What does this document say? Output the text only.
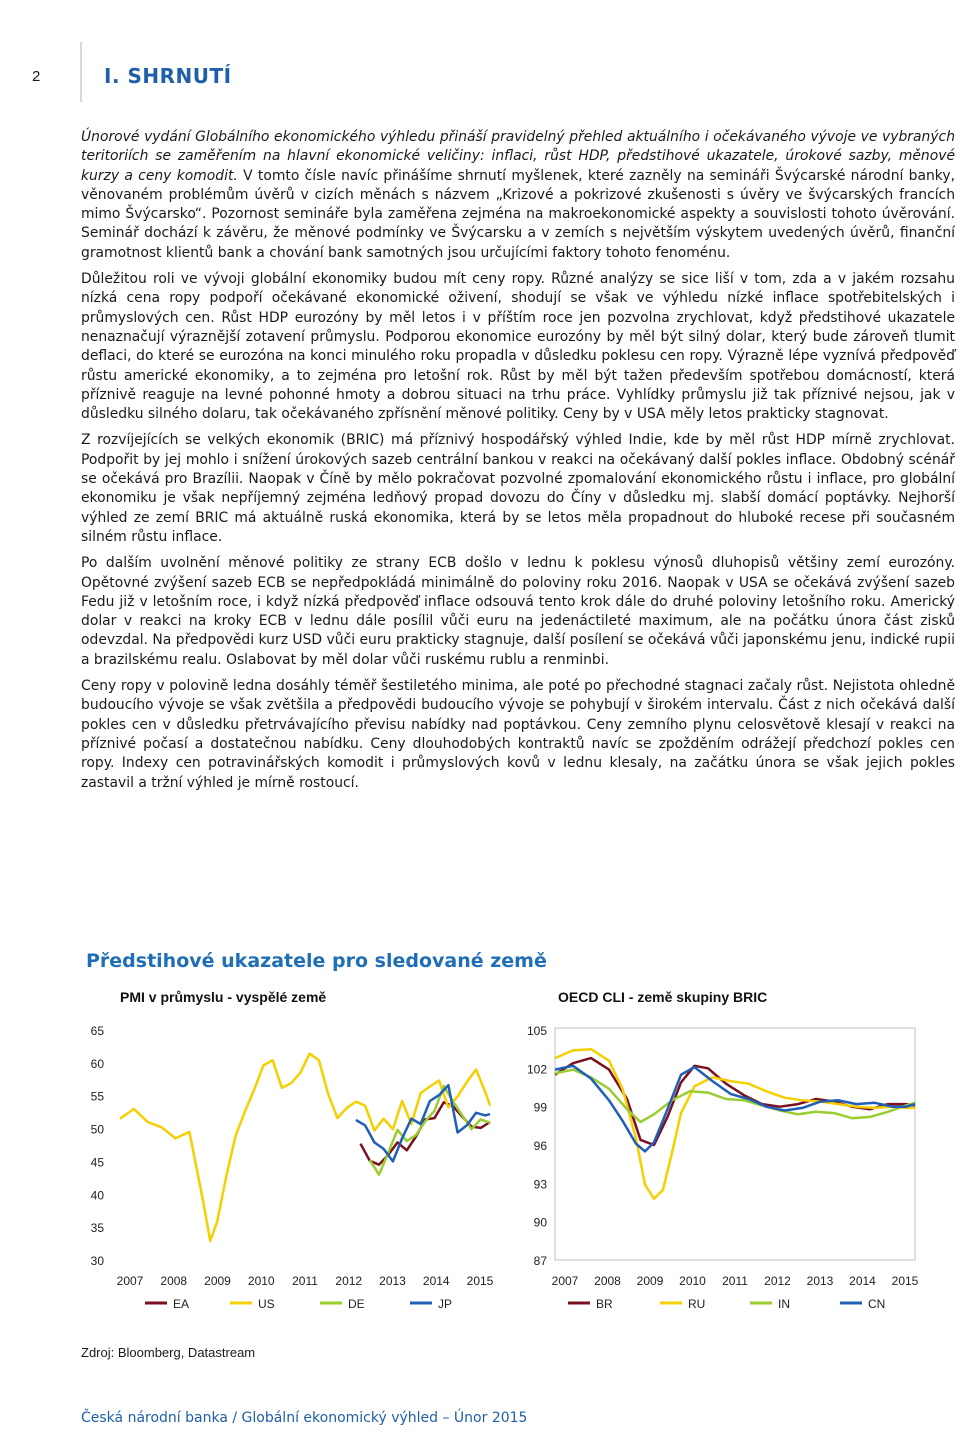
2	I. SHRNUTÍ

Únorové vydání Globálního ekonomického výhledu přináší pravidelný přehled aktuálního i očekávaného vývoje ve vybraných teritoriích se zaměřením na hlavní ekonomické veličiny: inflaci, růst HDP, předstihové ukazatele, úrokové sazby, měnové kurzy a ceny komodit. V tomto čísle navíc přinášíme shrnutí myšlenek, které zazněly na semináři Švýcarské národní banky, věnovaném problémům úvěrů v cizích měnách s názvem „Krizové a pokrizové zkušenosti s úvěry ve švýcarských francích mimo Švýcarsko“. Pozornost semináře byla zaměřena zejména na makroekonomické aspekty a souvislosti tohoto úvěrování. Seminář dochází k závěru, že měnové podmínky ve Švýcarsku a v zemích s největším výskytem uvedených úvěrů, finanční gramotnost klientů bank a chování bank samotných jsou určujícími faktory tohoto fenoménu.

Důležitou roli ve vývoji globální ekonomiky budou mít ceny ropy. Různé analýzy se sice liší v tom, zda a v jakém rozsahu nízká cena ropy podpoří očekávané ekonomické oživení, shodují se však ve výhledu nízké inflace spotřebitelských i průmyslových cen. Růst HDP eurozóny by měl letos i v příštím roce jen pozvolna zrychlovat, když předstihové ukazatele nenaznačují výraznější zotavení průmyslu. Podporou ekonomice eurozóny by měl být silný dolar, který bude zároveň tlumit deflaci, do které se eurozóna na konci minulého roku propadla v důsledku poklesu cen ropy. Výrazně lépe vyznívá předpověď růstu americké ekonomiky, a to zejména pro letošní rok. Růst by měl být tažen především spotřebou domácností, která příznivě reaguje na levné pohonné hmoty a dobrou situaci na trhu práce. Vyhlídky průmyslu již tak příznivé nejsou, jak v důsledku silného dolaru, tak očekávaného zpřísnění měnové politiky. Ceny by v USA měly letos prakticky stagnovat.

Z rozvíjejících se velkých ekonomik (BRIC) má příznivý hospodářský výhled Indie, kde by měl růst HDP mírně zrychlovat. Podpořit by jej mohlo i snížení úrokových sazeb centrální bankou v reakci na očekávaný další pokles inflace. Obdobný scénář se očekává pro Brazílii. Naopak v Číně by mělo pokračovat pozvolné zpomalování ekonomického růstu i inflace, pro globální ekonomiku je však nepříjemný zejména ledňový propad dovozu do Číny v důsledku mj. slabší domácí poptávky. Nejhorší výhled ze zemí BRIC má aktuálně ruská ekonomika, která by se letos měla propadnout do hluboké recese při současném silném růstu inflace.

Po dalším uvolnění měnové politiky ze strany ECB došlo v lednu k poklesu výnosů dluhopisů většiny zemí eurozóny. Opětovné zvýšení sazeb ECB se nepředpokládá minimálně do poloviny roku 2016. Naopak v USA se očekává zvýšení sazeb Fedu již v letošním roce, i když nízká předpověď inflace odsouvá tento krok dále do druhé poloviny letošního roku. Americký dolar v reakci na kroky ECB v lednu dále posílil vůči euru na jedenáctileté maximum, ale na počátku února část zisků odevzdal. Na předpovědi kurz USD vůči euru prakticky stagnuje, další posílení se očekává vůči japonskému jenu, indické rupii a brazilskému realu. Oslabovat by měl dolar vůči ruskému rublu a renminbi.

Ceny ropy v polovině ledna dosáhly téměř šestiletého minima, ale poté po přechodné stagnaci začaly růst. Nejistota ohledně budoucího vývoje se však zvětšila a předpovědi budoucího vývoje se pohybují v širokém intervalu. Část z nich očekává další pokles cen v důsledku přetrvávajícího převisu nabídky nad poptávkou. Ceny zemního plynu celosvětově klesají v reakci na příznivé počasí a dostatečnou nabídku. Ceny dlouhodobých kontraktů navíc se zpožděním odrážejí předchozí pokles cen ropy. Indexy cen potravinářských komodit i průmyslových kovů v lednu klesaly, na začátku února se však jejich pokles zastavil a tržní výhled je mírně rostoucí.

Předstihové ukazatele pro sledované země
PMI v průmyslu - vyspělé země
65
60
55
50
45
40
35
30
2007 2008 2009 2010 2011 2012 2013 2014 2015
EA	US	DE	JP
OECD CLI - země skupiny BRIC
105
102
99
96
93
90
87
2007 2008 2009 2010 2011 2012 2013 2014 2015
BR	RU	IN	CN
Zdroj: Bloomberg, Datastream
Česká národní banka / Globální ekonomický výhled – Únor 2015
